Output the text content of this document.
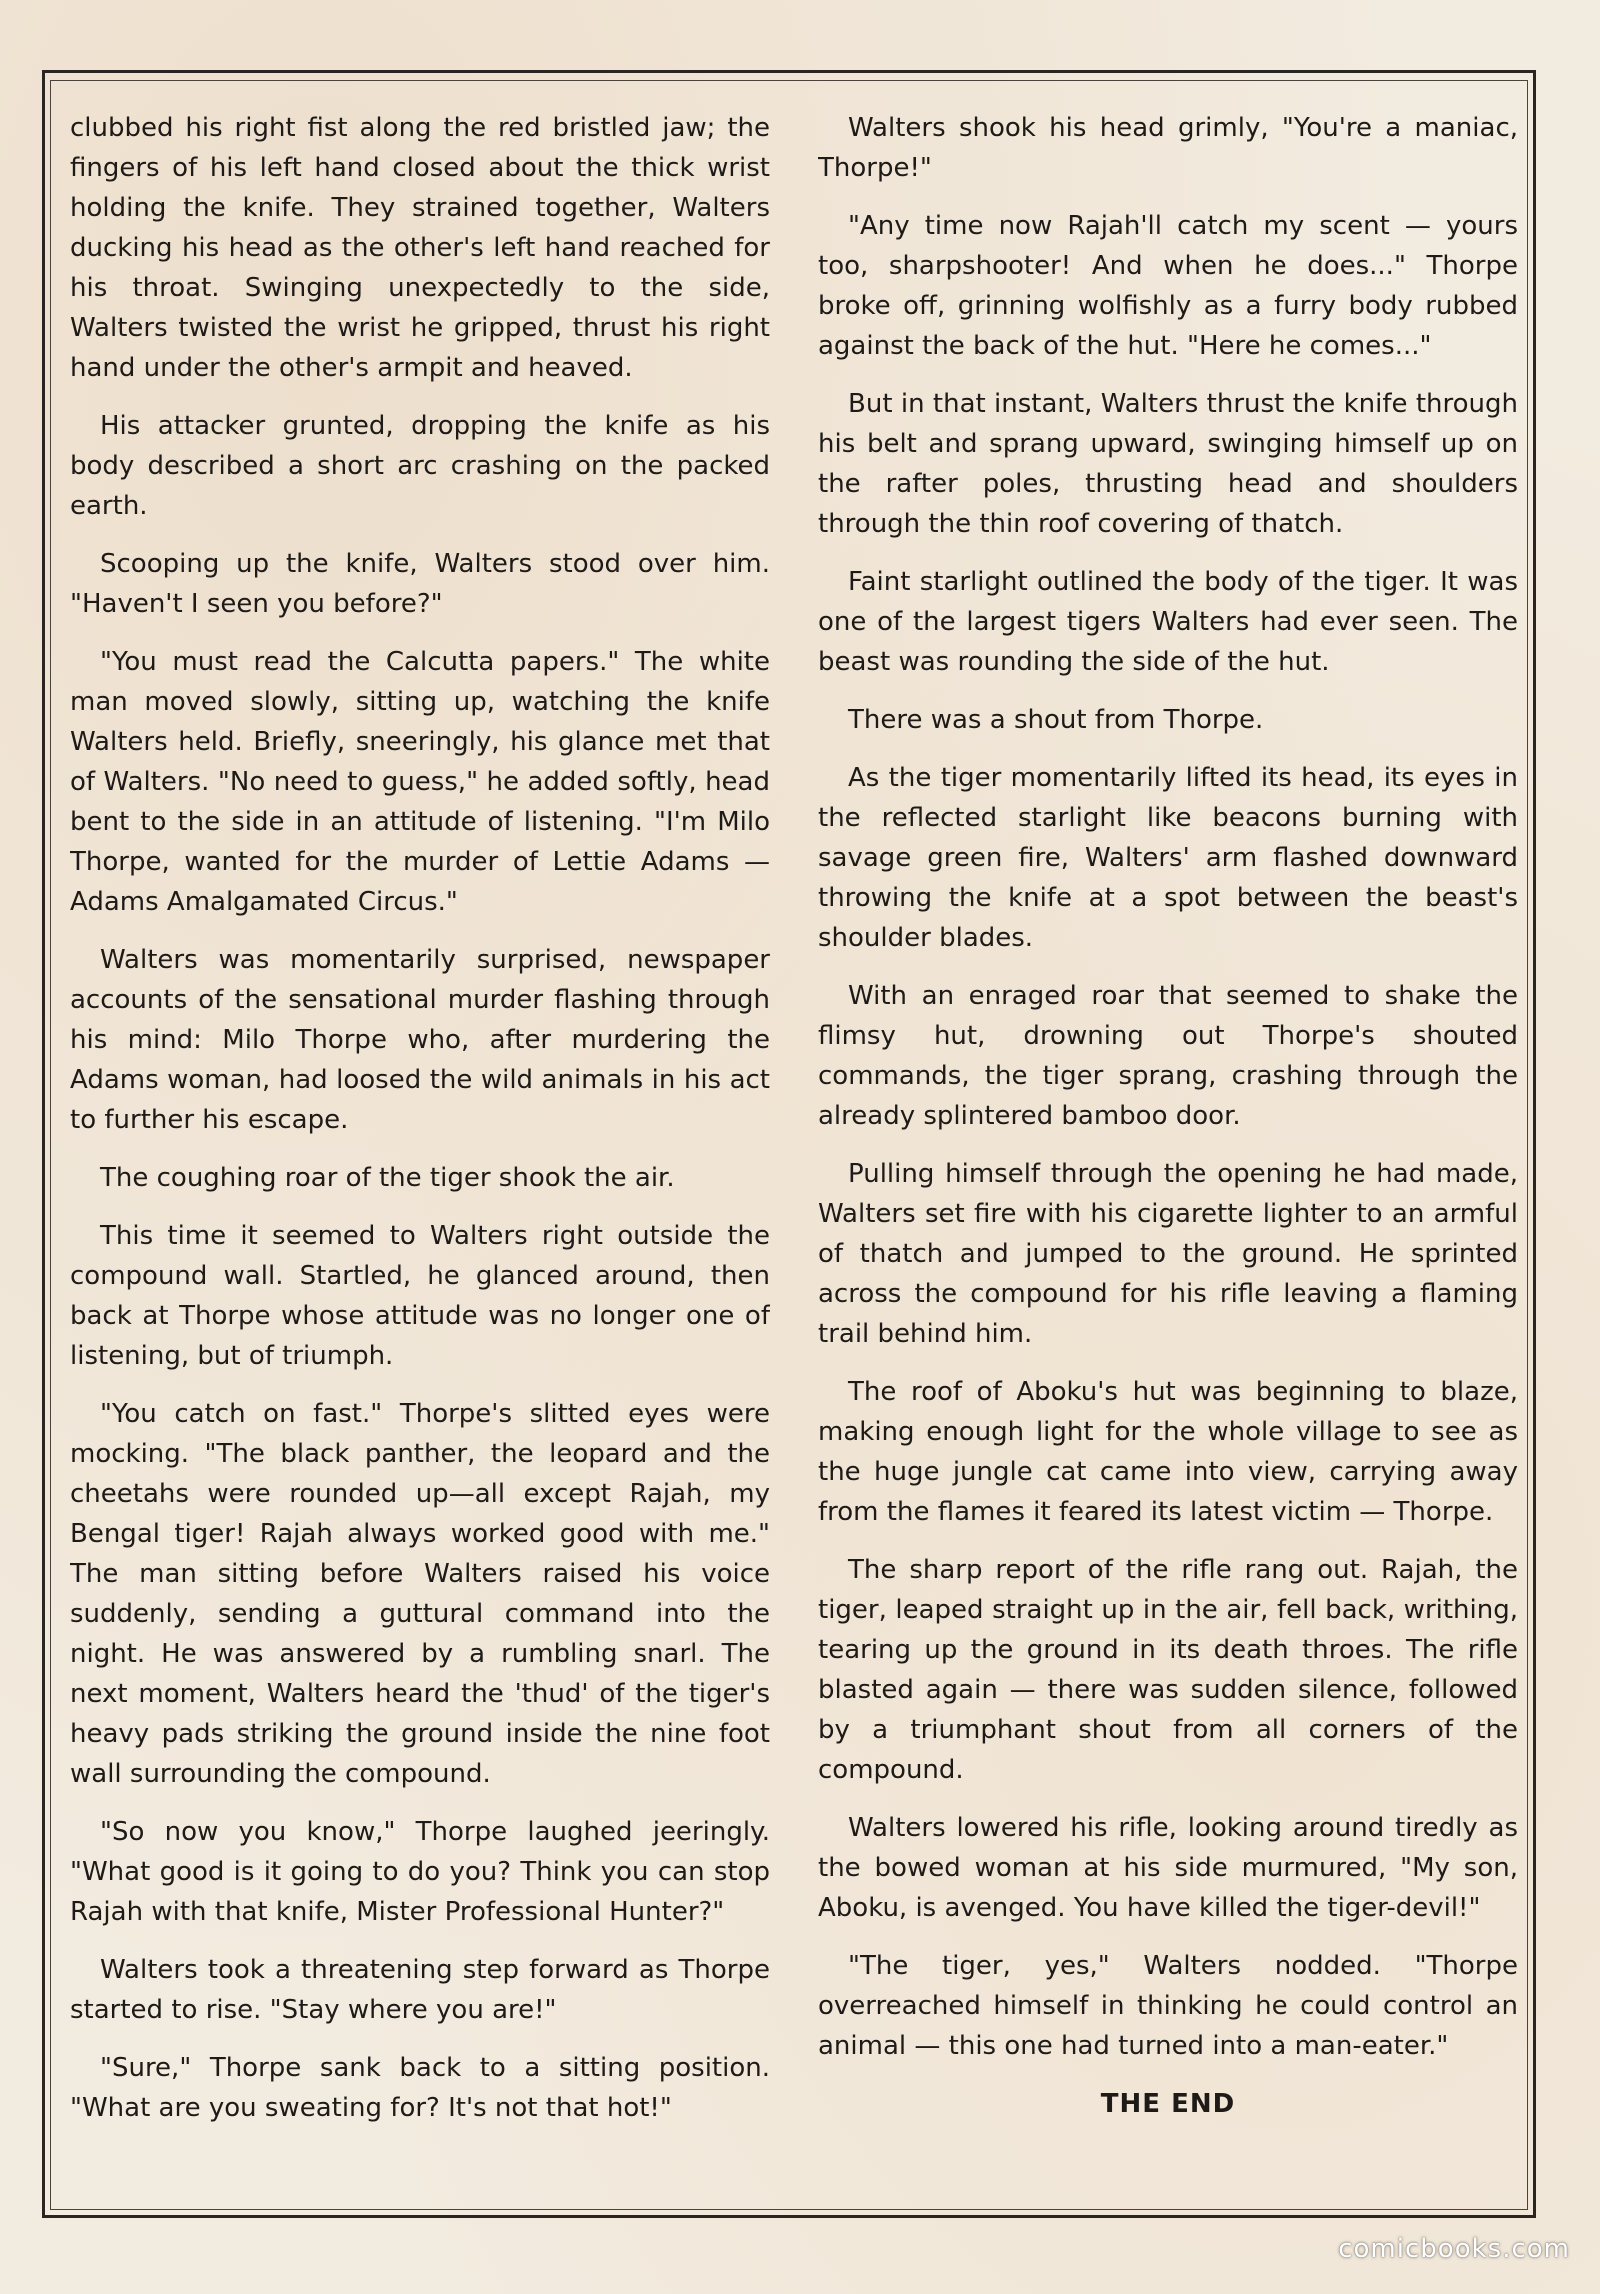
clubbed his right fist along the red bristled jaw; the fingers of his left hand closed about the thick wrist holding the knife. They strained together, Walters ducking his head as the other's left hand reached for his throat. Swinging unexpectedly to the side, Walters twisted the wrist he gripped, thrust his right hand under the other's armpit and heaved.

His attacker grunted, dropping the knife as his body described a short arc crashing on the packed earth.

Scooping up the knife, Walters stood over him. "Haven't I seen you before?"

"You must read the Calcutta papers." The white man moved slowly, sitting up, watching the knife Walters held. Briefly, sneeringly, his glance met that of Walters. "No need to guess," he added softly, head bent to the side in an attitude of listening. "I'm Milo Thorpe, wanted for the murder of Lettie Adams — Adams Amalgamated Circus."

Walters was momentarily surprised, newspaper accounts of the sensational murder flashing through his mind: Milo Thorpe who, after murdering the Adams woman, had loosed the wild animals in his act to further his escape.

The coughing roar of the tiger shook the air.

This time it seemed to Walters right outside the compound wall. Startled, he glanced around, then back at Thorpe whose attitude was no longer one of listening, but of triumph.

"You catch on fast." Thorpe's slitted eyes were mocking. "The black panther, the leopard and the cheetahs were rounded up—all except Rajah, my Bengal tiger! Rajah always worked good with me." The man sitting before Walters raised his voice suddenly, sending a guttural command into the night. He was answered by a rumbling snarl. The next moment, Walters heard the 'thud' of the tiger's heavy pads striking the ground inside the nine foot wall surrounding the compound.

"So now you know," Thorpe laughed jeeringly. "What good is it going to do you? Think you can stop Rajah with that knife, Mister Professional Hunter?"

Walters took a threatening step forward as Thorpe started to rise. "Stay where you are!"

"Sure," Thorpe sank back to a sitting position. "What are you sweating for? It's not that hot!"

Walters shook his head grimly, "You're a maniac, Thorpe!"

"Any time now Rajah'll catch my scent — yours too, sharpshooter! And when he does..." Thorpe broke off, grinning wolfishly as a furry body rubbed against the back of the hut. "Here he comes..."

But in that instant, Walters thrust the knife through his belt and sprang upward, swinging himself up on the rafter poles, thrusting head and shoulders through the thin roof covering of thatch.

Faint starlight outlined the body of the tiger. It was one of the largest tigers Walters had ever seen. The beast was rounding the side of the hut.

There was a shout from Thorpe.

As the tiger momentarily lifted its head, its eyes in the reflected starlight like beacons burning with savage green fire, Walters' arm flashed downward throwing the knife at a spot between the beast's shoulder blades.

With an enraged roar that seemed to shake the flimsy hut, drowning out Thorpe's shouted commands, the tiger sprang, crashing through the already splintered bamboo door.

Pulling himself through the opening he had made, Walters set fire with his cigarette lighter to an armful of thatch and jumped to the ground. He sprinted across the compound for his rifle leaving a flaming trail behind him.

The roof of Aboku's hut was beginning to blaze, making enough light for the whole village to see as the huge jungle cat came into view, carrying away from the flames it feared its latest victim — Thorpe.

The sharp report of the rifle rang out. Rajah, the tiger, leaped straight up in the air, fell back, writhing, tearing up the ground in its death throes. The rifle blasted again — there was sudden silence, followed by a triumphant shout from all corners of the compound.

Walters lowered his rifle, looking around tiredly as the bowed woman at his side murmured, "My son, Aboku, is avenged. You have killed the tiger-devil!"

"The tiger, yes," Walters nodded. "Thorpe overreached himself in thinking he could control an animal — this one had turned into a man-eater."

THE END

comicbooks.com
